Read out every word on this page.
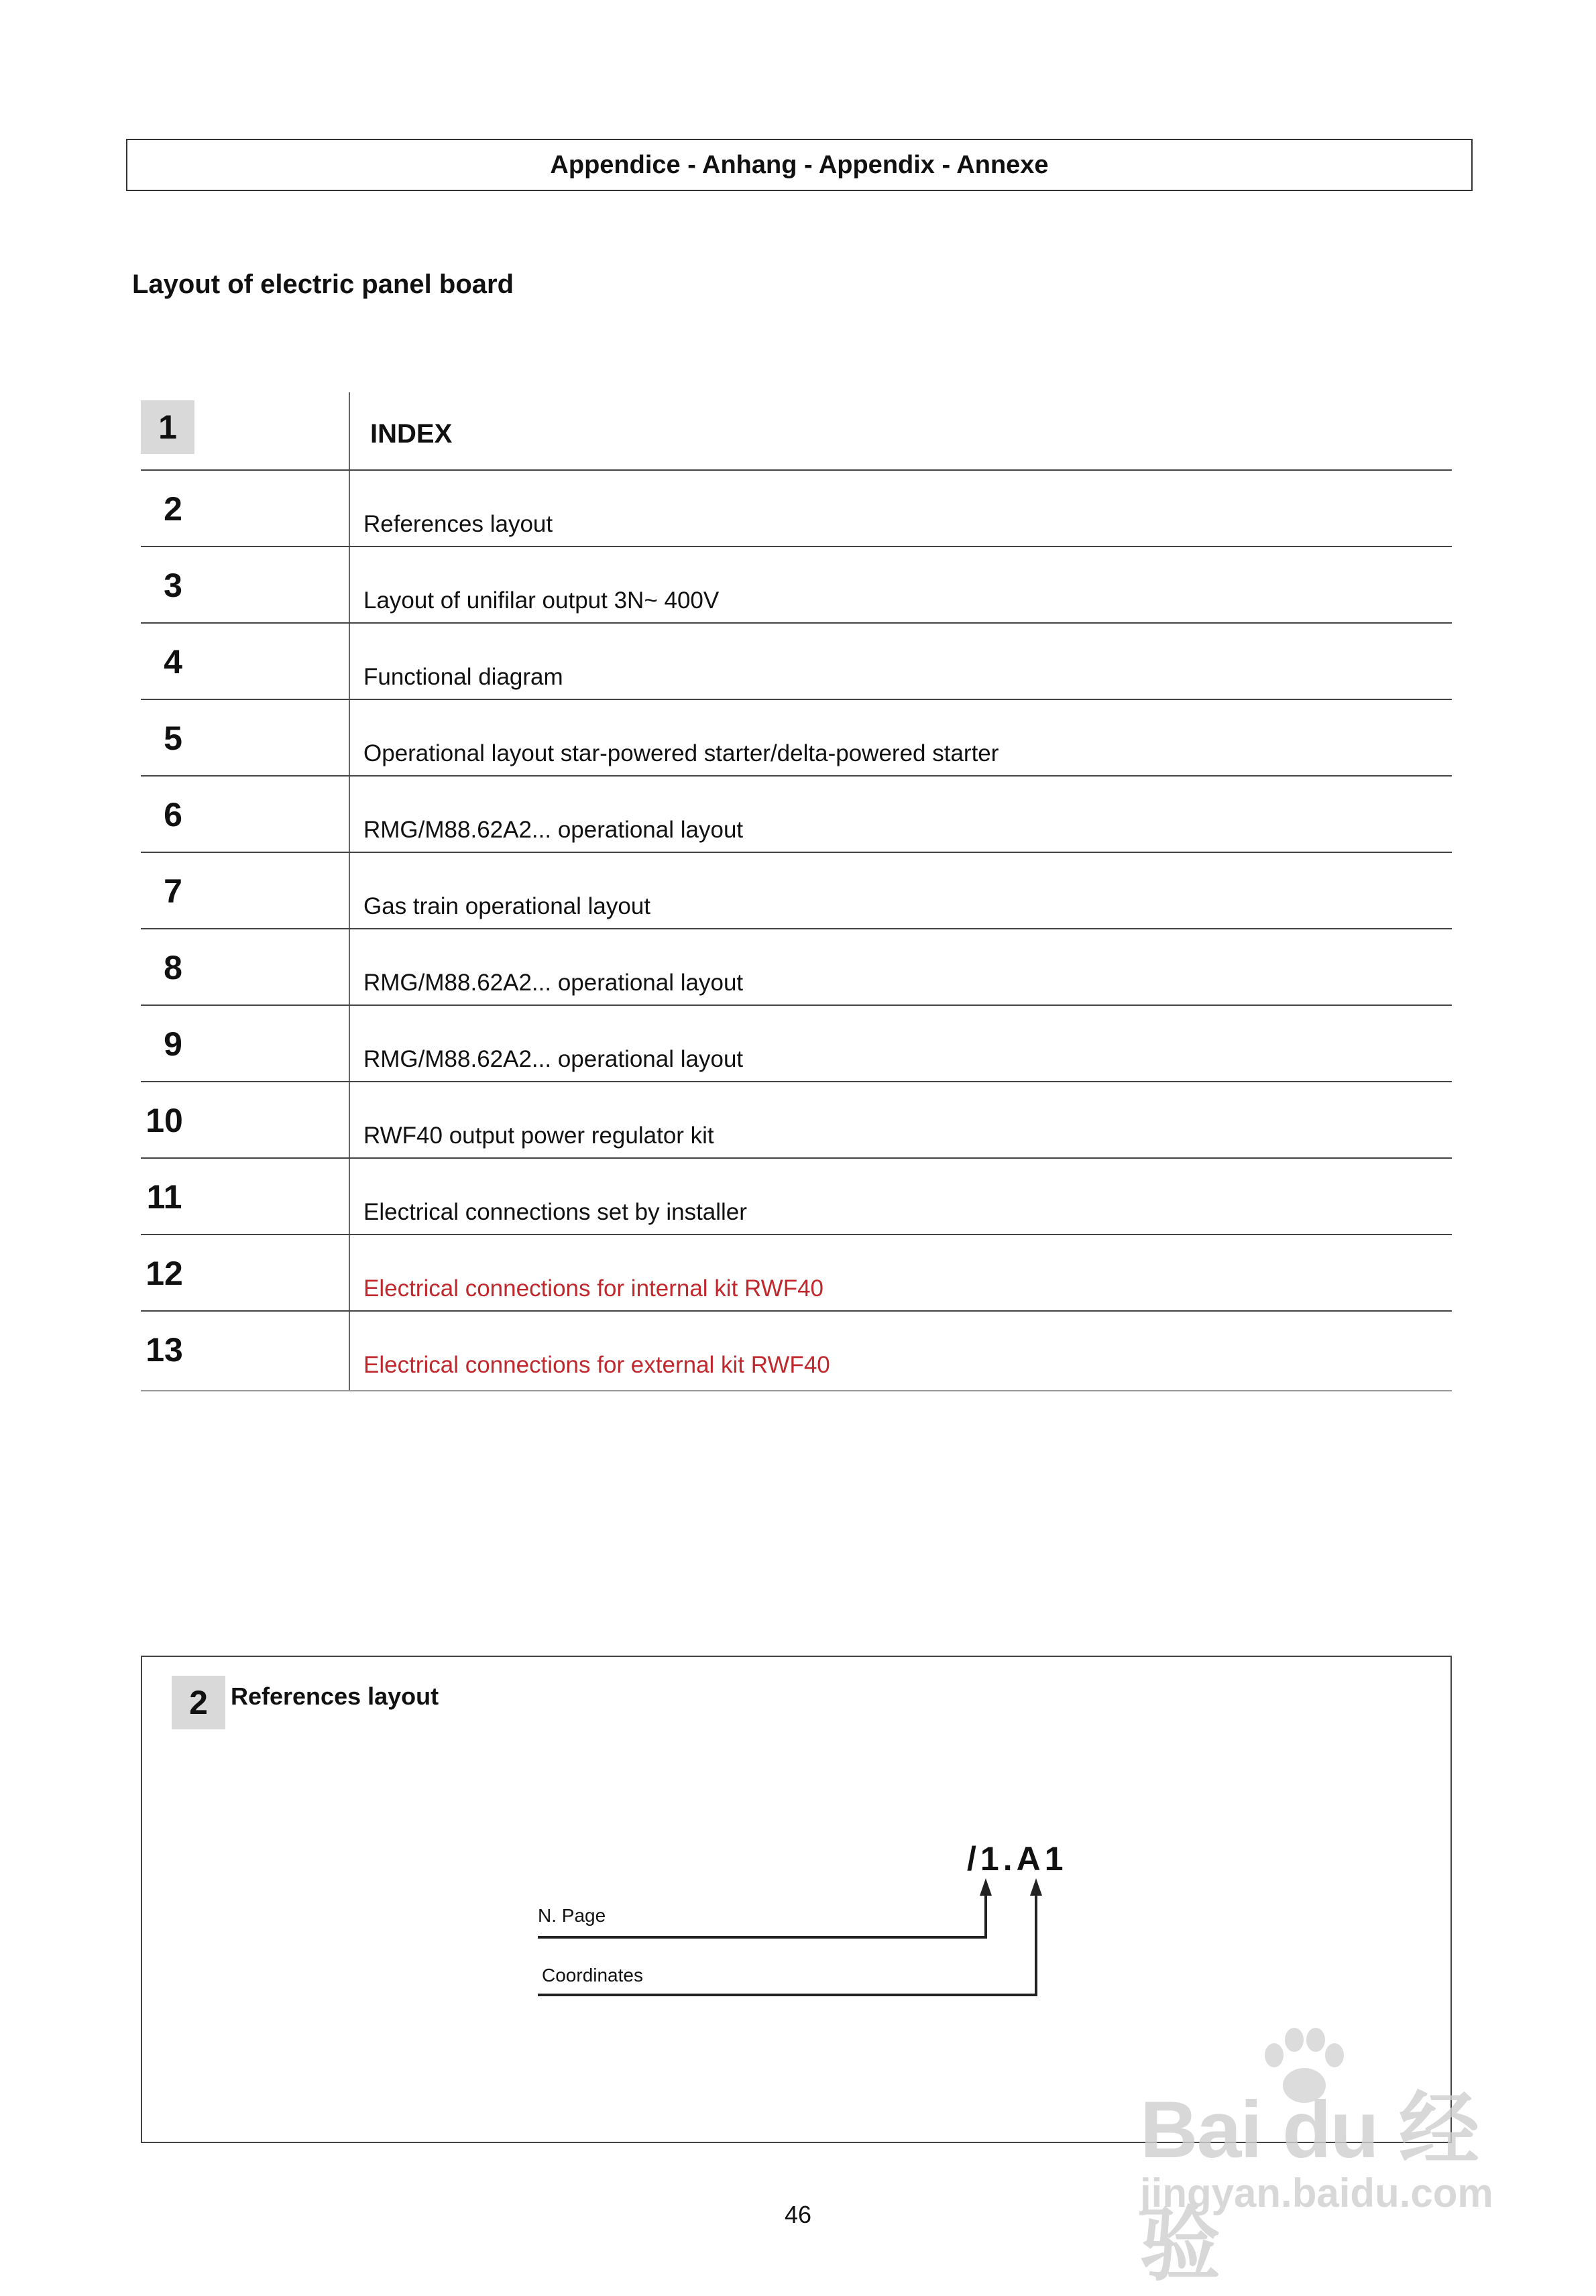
Appendice - Anhang - Appendix - Annexe
Layout of electric panel board
1	INDEX
2	References layout
3	Layout of unifilar output 3N~ 400V
4	Functional diagram
5	Operational layout star-powered starter/delta-powered starter
6	RMG/M88.62A2... operational layout
7	Gas train operational layout
8	RMG/M88.62A2... operational layout
9	RMG/M88.62A2... operational layout
10	RWF40 output power regulator kit
11	Electrical connections set by installer
12	Electrical connections for internal kit RWF40
13	Electrical connections for external kit RWF40
2 References layout
/1.A1
N. Page
Coordinates
Bai du 经验
jingyan.baidu.com
46
